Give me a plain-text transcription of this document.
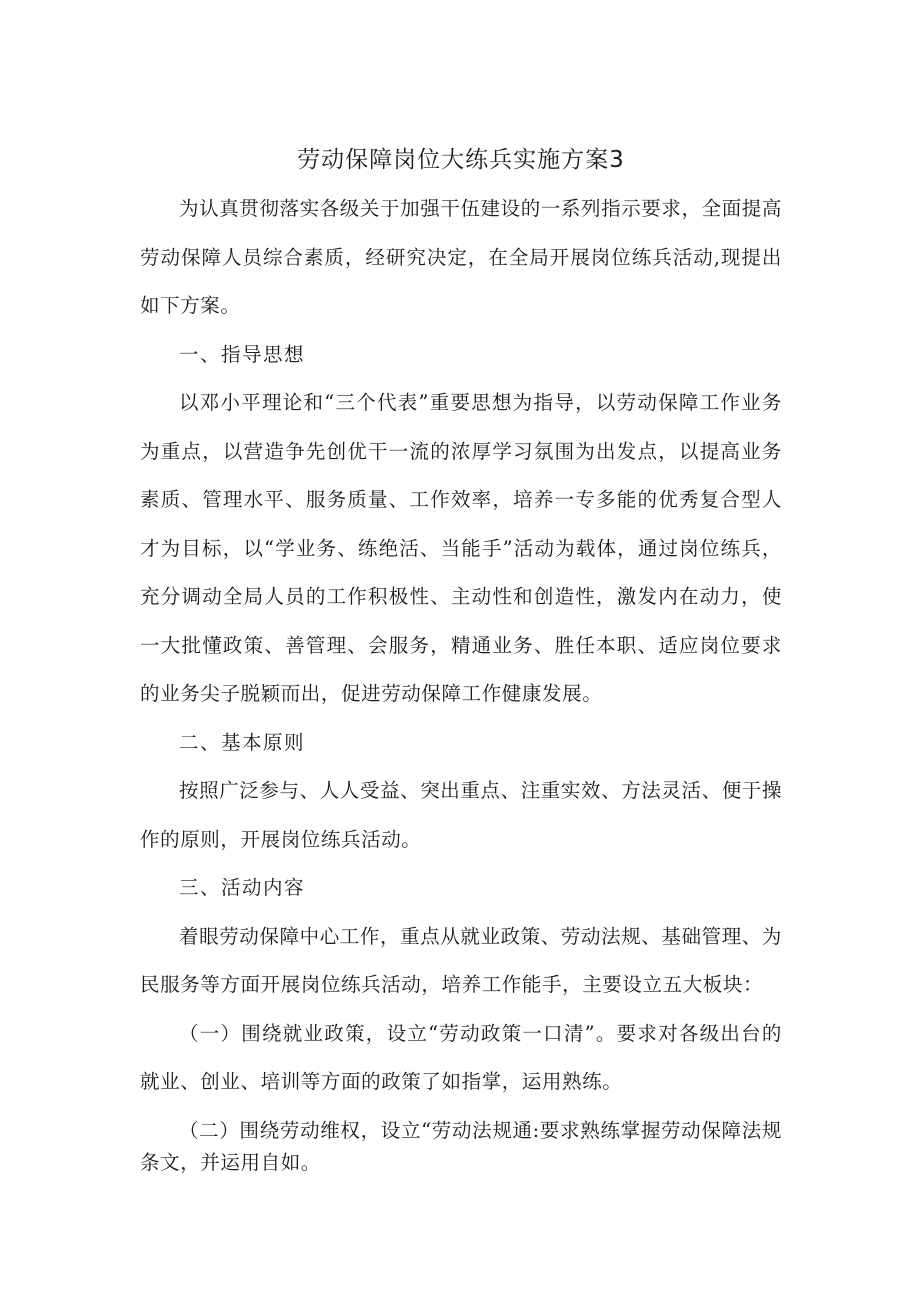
劳动保障岗位大练兵实施方案3

为认真贯彻落实各级关于加强干伍建设的一系列指示要求，全面提高劳动保障人员综合素质，经研究决定，在全局开展岗位练兵活动,现提出如下方案。

一、指导思想

以邓小平理论和“三个代表”重要思想为指导，以劳动保障工作业务为重点，以营造争先创优干一流的浓厚学习氛围为出发点，以提高业务素质、管理水平、服务质量、工作效率，培养一专多能的优秀复合型人才为目标，以“学业务、练绝活、当能手”活动为载体，通过岗位练兵，充分调动全局人员的工作积极性、主动性和创造性，激发内在动力，使一大批懂政策、善管理、会服务，精通业务、胜任本职、适应岗位要求的业务尖子脱颖而出，促进劳动保障工作健康发展。

二、基本原则

按照广泛参与、人人受益、突出重点、注重实效、方法灵活、便于操作的原则，开展岗位练兵活动。

三、活动内容

着眼劳动保障中心工作，重点从就业政策、劳动法规、基础管理、为民服务等方面开展岗位练兵活动，培养工作能手，主要设立五大板块：

（一）围绕就业政策，设立“劳动政策一口清”。要求对各级出台的就业、创业、培训等方面的政策了如指掌，运用熟练。

（二）围绕劳动维权，设立“劳动法规通:要求熟练掌握劳动保障法规条文，并运用自如。
